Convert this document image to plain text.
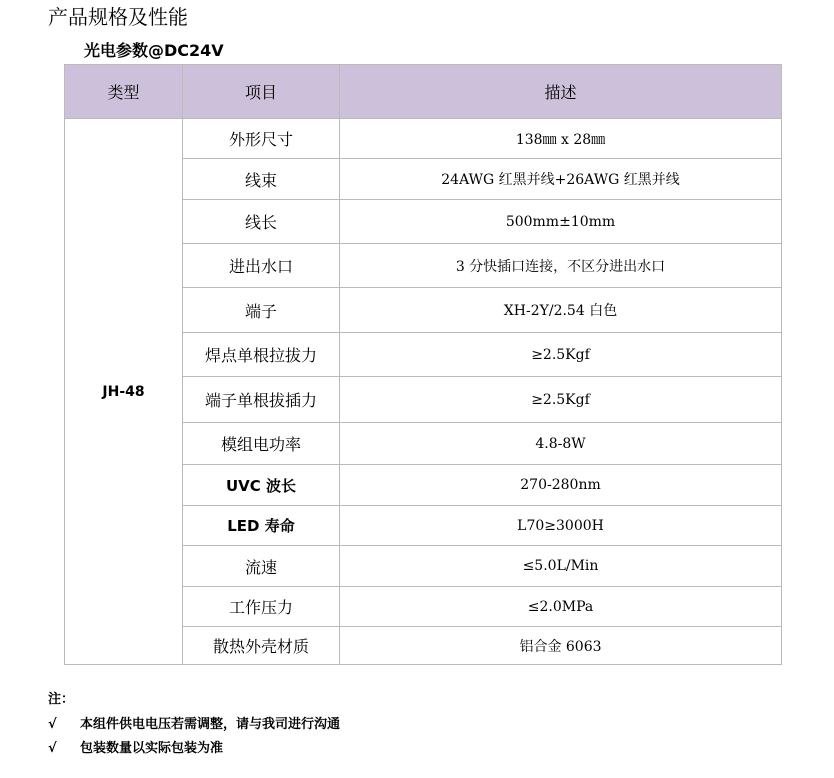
产品规格及性能
光电参数@DC24V
类型	项目	描述
JH-48	外形尺寸	138㎜ x 28㎜
	线束	24AWG 红黑并线+26AWG 红黑并线
	线长	500mm±10mm
	进出水口	3 分快插口连接，不区分进出水口
	端子	XH-2Y/2.54 白色
	焊点单根拉拔力	≥2.5Kgf
	端子单根拔插力	≥2.5Kgf
	模组电功率	4.8-8W
	UVC 波长	270-280nm
	LED 寿命	L70≥3000H
	流速	≤5.0L/Min
	工作压力	≤2.0MPa
	散热外壳材质	铝合金 6063
注：
√ 本组件供电电压若需调整，请与我司进行沟通
√ 包装数量以实际包装为准
